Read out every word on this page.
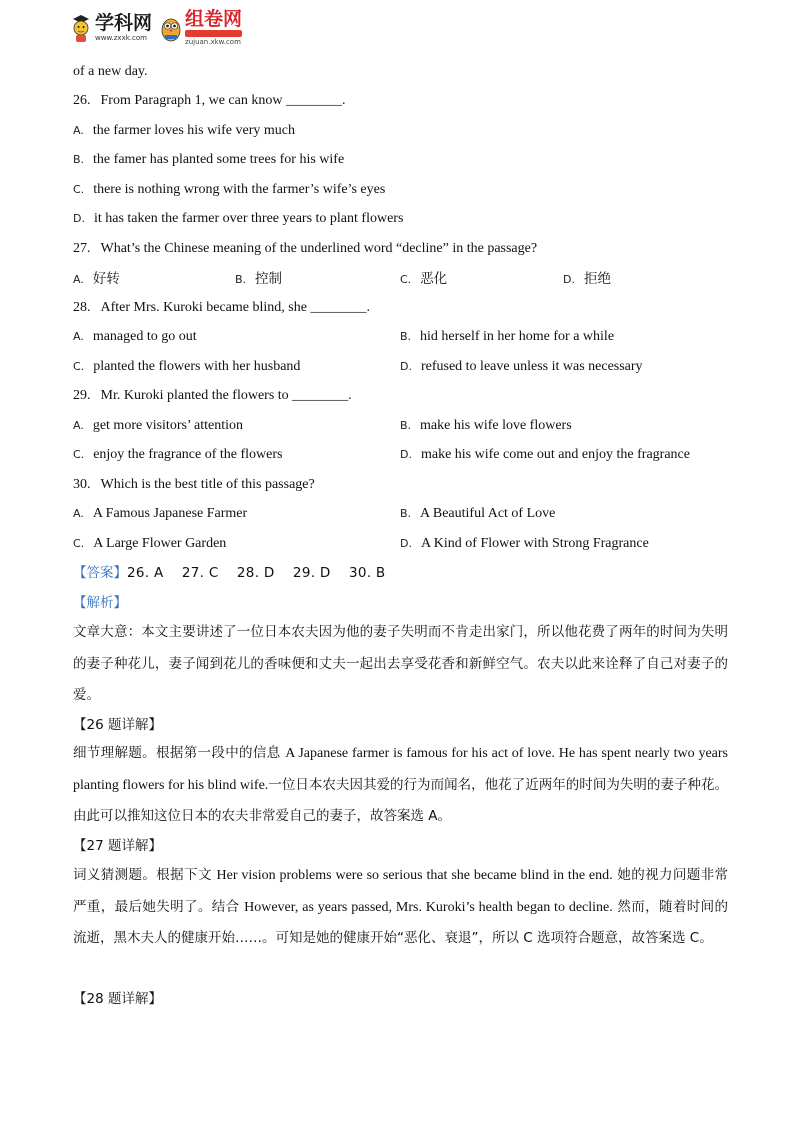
学科网
www.zxxk.com
组卷网

zujuan.xkw.com
of a new day.
26. From Paragraph 1, we can know ________.
A. the farmer loves his wife very much
B. the famer has planted some trees for his wife
C. there is nothing wrong with the farmer’s wife’s eyes
D. it has taken the farmer over three years to plant flowers
27. What’s the Chinese meaning of the underlined word “decline” in the passage?
A. 好转	B. 控制	C. 恶化	D. 拒绝
28. After Mrs. Kuroki became blind, she ________.
A. managed to go out	B. hid herself in her home for a while
C. planted the flowers with her husband	D. refused to leave unless it was necessary
29. Mr. Kuroki planted the flowers to ________.
A. get more visitors’ attention	B. make his wife love flowers
C. enjoy the fragrance of the flowers	D. make his wife come out and enjoy the fragrance
30. Which is the best title of this passage?
A. A Famous Japanese Farmer	B. A Beautiful Act of Love
C. A Large Flower Garden	D. A Kind of Flower with Strong Fragrance
【答案】26. A    27. C    28. D    29. D    30. B
【解析】
文章大意：本文主要讲述了一位日本农夫因为他的妻子失明而不肯走出家门，所以他花费了两年的时间为失明的妻子种花儿，妻子闻到花儿的香味便和丈夫一起出去享受花香和新鲜空气。农夫以此来诠释了自己对妻子的爱。
【26 题详解】
细节理解题。根据第一段中的信息 A Japanese farmer is famous for his act of love. He has spent nearly two years planting flowers for his blind wife.一位日本农夫因其爱的行为而闻名，他花了近两年的时间为失明的妻子种花。由此可以推知这位日本的农夫非常爱自己的妻子，故答案选 A。
【27 题详解】
词义猜测题。根据下文 Her vision problems were so serious that she became blind in the end. 她的视力问题非常严重，最后她失明了。结合 However, as years passed, Mrs. Kuroki’s health began to decline. 然而，随着时间的流逝，黑木夫人的健康开始……。可知是她的健康开始“恶化、衰退”，所以 C 选项符合题意，故答案选 C。
【28 题详解】
